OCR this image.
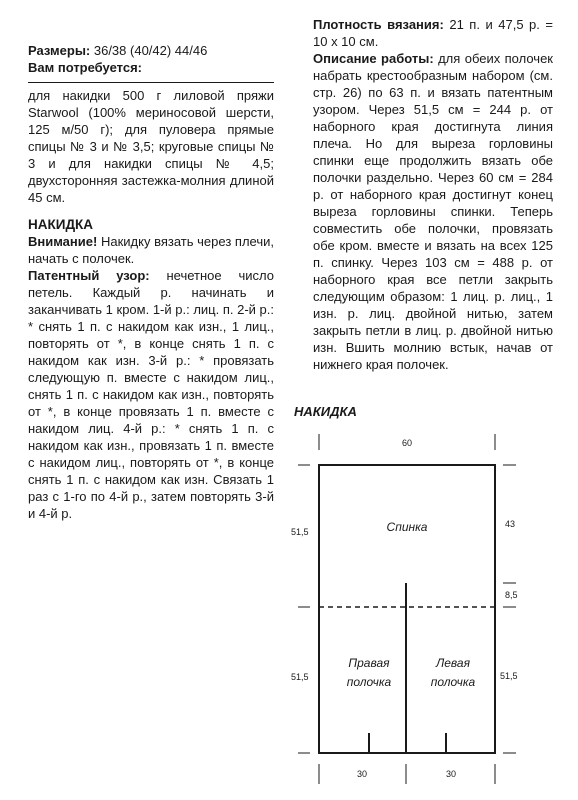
Размеры: 36/38 (40/42) 44/46

Вам потребуется:

для накидки 500 г лиловой пряжи Starwool (100% мериносовой шерсти, 125 м/50 г); для пуловера прямые спицы № 3 и № 3,5; круговые спицы № 3 и для накидки спицы № 4,5; двухсторонняя застежка-молния длиной 45 см.

НАКИДКА

Внимание! Накидку вязать через плечи, начать с полочек.

Патентный узор: нечетное число петель. Каждый р. начинать и заканчивать 1 кром. 1-й р.: лиц. п. 2-й р.: * снять 1 п. с накидом как изн., 1 лиц., повторять от *, в конце снять 1 п. с накидом как изн. 3-й р.: * провязать следующую п. вместе с накидом лиц., снять 1 п. с накидом как изн., повторять от *, в конце провязать 1 п. вместе с накидом лиц. 4-й р.: * снять 1 п. с накидом как изн., провязать 1 п. вместе с накидом лиц., повторять от *, в конце снять 1 п. с накидом как изн. Связать 1 раз с 1-го по 4-й р., затем повторять 3-й и 4-й р.

Плотность вязания: 21 п. и 47,5 р. = 10 х 10 см.

Описание работы: для обеих полочек набрать крестообразным набором (см. стр. 26) по 63 п. и вязать патентным узором. Через 51,5 см = 244 р. от наборного края достигнута линия плеча. Но для выреза горловины спинки еще продолжить вязать обе полочки раздельно. Через 60 см = 284 р. от наборного края достигнут конец выреза горловины спинки. Теперь совместить обе полочки, провязать обе кром. вместе и вязать на всех 125 п. спинку. Через 103 см = 488 р. от наборного края все петли закрыть следующим образом: 1 лиц. р. лиц., 1 изн. р. лиц. двойной нитью, затем закрыть петли в лиц. р. двойной нитью изн. Вшить молнию встык, начав от нижнего края полочек.

НАКИДКА
60
51,5
51,5
43
8,5
51,5
30	30
Спинка
Правая
полочка
Левая
полочка
